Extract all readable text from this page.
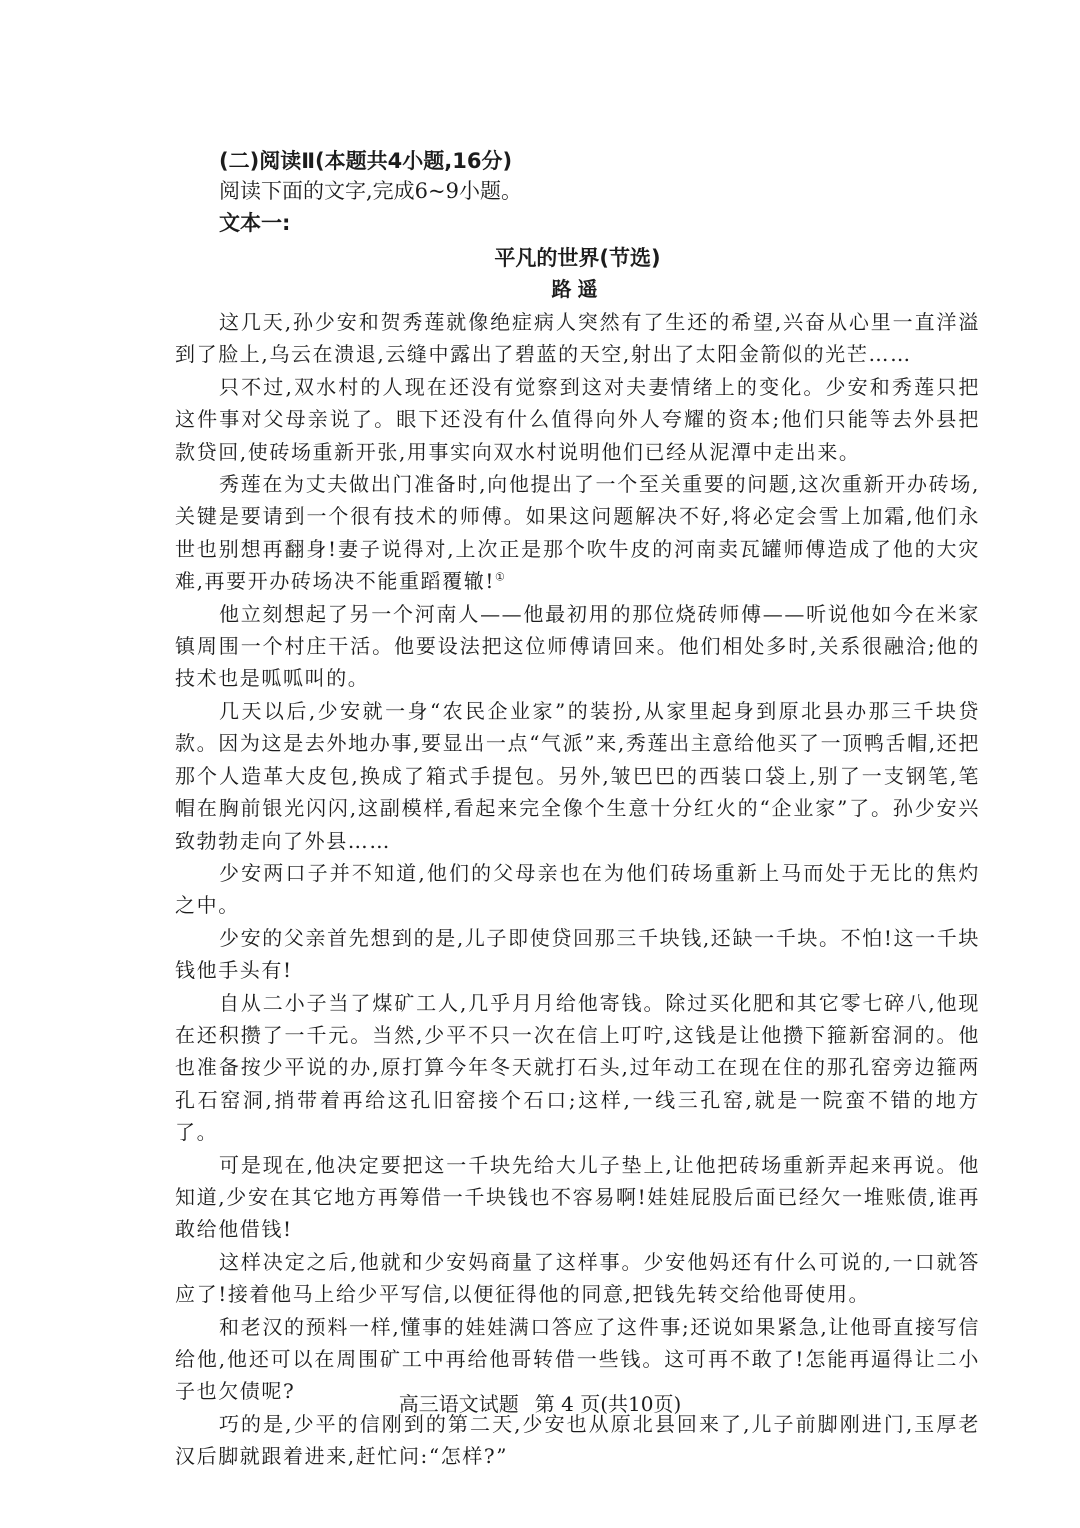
(二)阅读Ⅱ(本题共4小题,16分)

阅读下面的文字,完成6~9小题。

文本一:

平凡的世界(节选)

路遥

这几天,孙少安和贺秀莲就像绝症病人突然有了生还的希望,兴奋从心里一直洋溢到了脸上,乌云在溃退,云缝中露出了碧蓝的天空,射出了太阳金箭似的光芒……

只不过,双水村的人现在还没有觉察到这对夫妻情绪上的变化。少安和秀莲只把这件事对父母亲说了。眼下还没有什么值得向外人夸耀的资本;他们只能等去外县把款贷回,使砖场重新开张,用事实向双水村说明他们已经从泥潭中走出来。

秀莲在为丈夫做出门准备时,向他提出了一个至关重要的问题,这次重新开办砖场,关键是要请到一个很有技术的师傅。如果这问题解决不好,将必定会雪上加霜,他们永世也别想再翻身!妻子说得对,上次正是那个吹牛皮的河南卖瓦罐师傅造成了他的大灾难,再要开办砖场决不能重蹈覆辙!①

他立刻想起了另一个河南人——他最初用的那位烧砖师傅——听说他如今在米家镇周围一个村庄干活。他要设法把这位师傅请回来。他们相处多时,关系很融洽;他的技术也是呱呱叫的。

几天以后,少安就一身“农民企业家”的装扮,从家里起身到原北县办那三千块贷款。因为这是去外地办事,要显出一点“气派”来,秀莲出主意给他买了一顶鸭舌帽,还把那个人造革大皮包,换成了箱式手提包。另外,皱巴巴的西装口袋上,别了一支钢笔,笔帽在胸前银光闪闪,这副模样,看起来完全像个生意十分红火的“企业家”了。孙少安兴致勃勃走向了外县……

少安两口子并不知道,他们的父母亲也在为他们砖场重新上马而处于无比的焦灼之中。

少安的父亲首先想到的是,儿子即使贷回那三千块钱,还缺一千块。不怕!这一千块钱他手头有!

自从二小子当了煤矿工人,几乎月月给他寄钱。除过买化肥和其它零七碎八,他现在还积攒了一千元。当然,少平不只一次在信上叮咛,这钱是让他攒下箍新窑洞的。他也准备按少平说的办,原打算今年冬天就打石头,过年动工在现在住的那孔窑旁边箍两孔石窑洞,捎带着再给这孔旧窑接个石口;这样,一线三孔窑,就是一院蛮不错的地方了。

可是现在,他决定要把这一千块先给大儿子垫上,让他把砖场重新弄起来再说。他知道,少安在其它地方再筹借一千块钱也不容易啊!娃娃屁股后面已经欠一堆账债,谁再敢给他借钱!

这样决定之后,他就和少安妈商量了这样事。少安他妈还有什么可说的,一口就答应了!接着他马上给少平写信,以便征得他的同意,把钱先转交给他哥使用。

和老汉的预料一样,懂事的娃娃满口答应了这件事;还说如果紧急,让他哥直接写信给他,他还可以在周围矿工中再给他哥转借一些钱。这可再不敢了!怎能再逼得让二小子也欠债呢?

巧的是,少平的信刚到的第二天,少安也从原北县回来了,儿子前脚刚进门,玉厚老汉后脚就跟着进来,赶忙问:“怎样?”

高三语文试题 第 4 页(共10页)
